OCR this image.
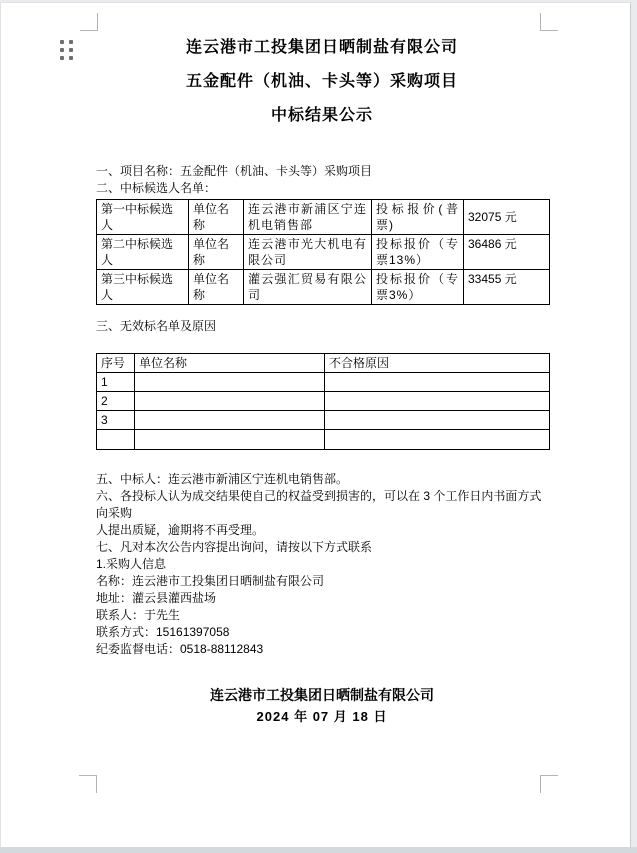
连云港市工投集团日晒制盐有限公司
五金配件（机油、卡头等）采购项目
中标结果公示

一、项目名称：五金配件（机油、卡头等）采购项目

二、中标候选人名单：

第一中标候选人	单位名称	连云港市新浦区宁连机电销售部	投标报价(普票)	32075 元
第二中标候选人	单位名称	连云港市光大机电有限公司	投标报价（专票13%）	36486 元
第三中标候选人	单位名称	灌云强汇贸易有限公司	投标报价（专票3%）	33455 元

三、无效标名单及原因

序号	单位名称	不合格原因
1		
2		
3		

五、中标人：连云港市新浦区宁连机电销售部。

六、各投标人认为成交结果使自己的权益受到损害的，可以在 3 个工作日内书面方式向采购

人提出质疑，逾期将不再受理。

七、凡对本次公告内容提出询问，请按以下方式联系

1.采购人信息

名称：连云港市工投集团日晒制盐有限公司

地址：灌云县灌西盐场

联系人：于先生

联系方式：15161397058

纪委监督电话：0518-88112843

连云港市工投集团日晒制盐有限公司
2024 年 07 月 18 日
